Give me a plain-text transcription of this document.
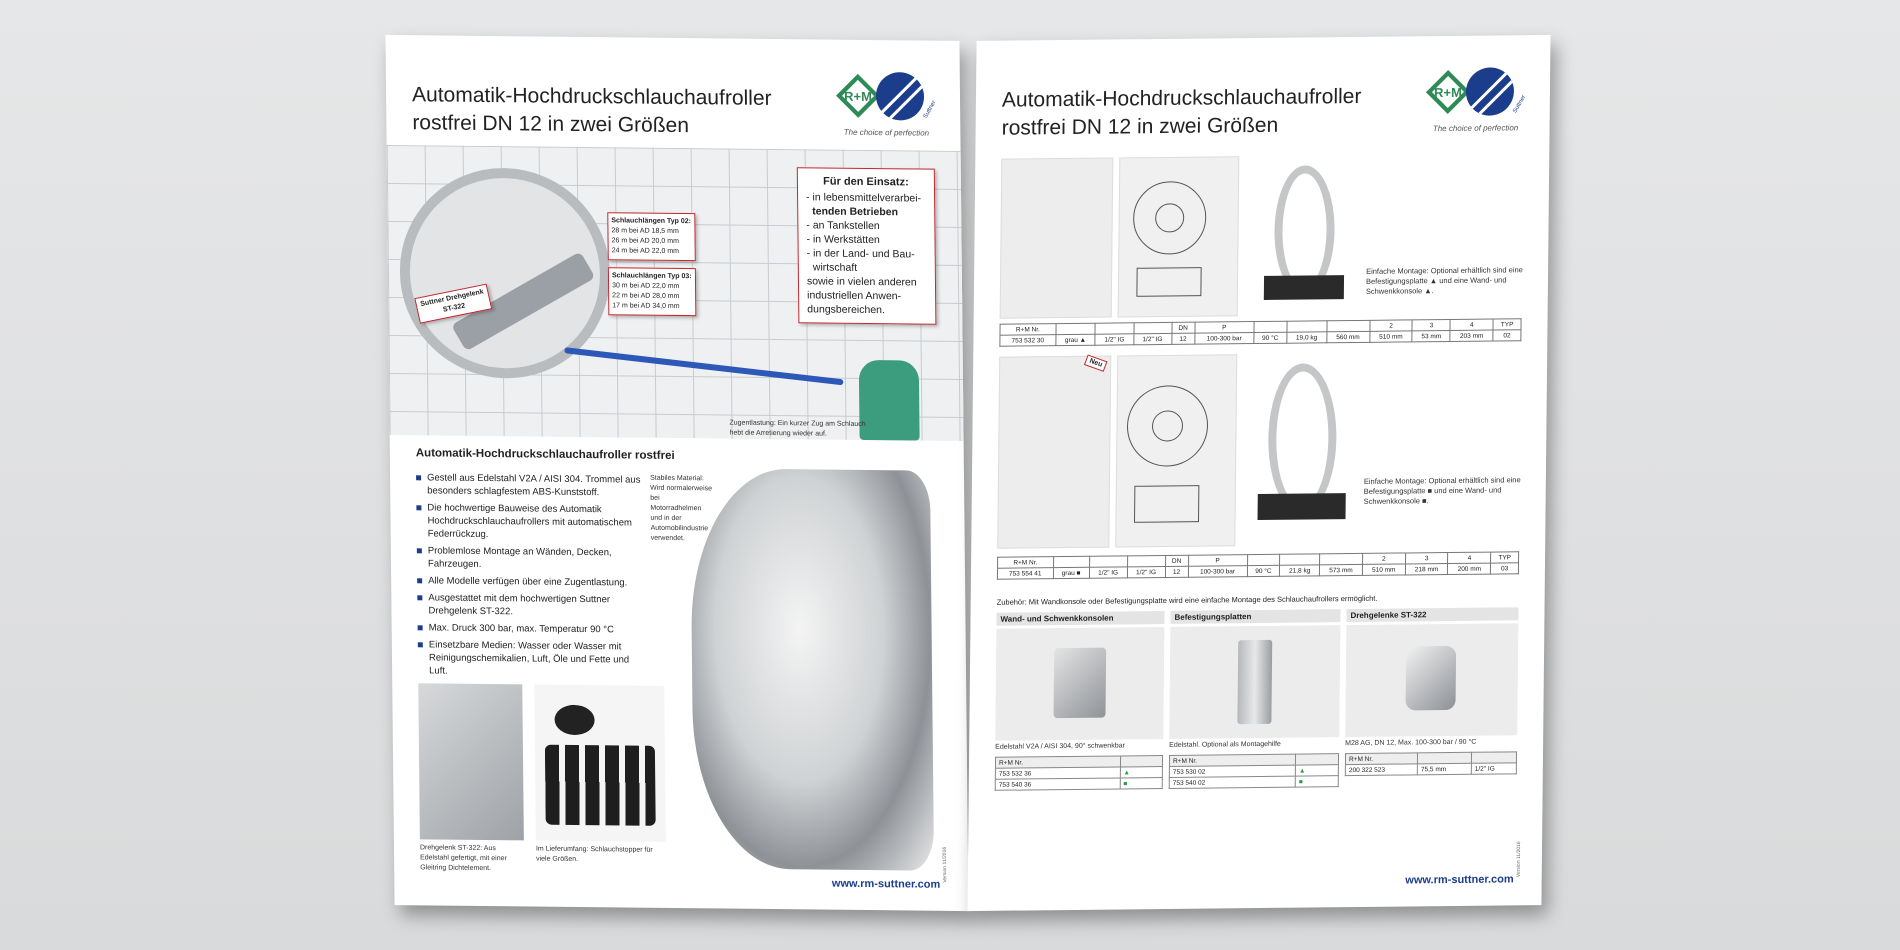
Automatik-Hochdruckschlauchaufroller
rostfrei DN 12 in zwei Größen
R+M
Suttner
The choice of perfection
Schlauchlängen Typ 02:
28 m bei AD 18,5 mm
26 m bei AD 20,0 mm
24 m bei AD 22,0 mm
Schlauchlängen Typ 03:
30 m bei AD 22,0 mm
22 m bei AD 28,0 mm
17 m bei AD 34,0 mm
Für den Einsatz:
- in lebensmittelverarbei-
tenden Betrieben
- an Tankstellen
- in Werkstätten
- in der Land- und Bau-
wirtschaft
sowie in vielen anderen
industriellen Anwen-
dungsbereichen.
Suttner Drehgelenk ST-322
Zugentlastung: Ein kurzer Zug am Schlauch hebt die Arretierung wieder auf.
Automatik-Hochdruckschlauchaufroller rostfrei
Gestell aus Edelstahl V2A / AISI 304. Trommel aus besonders schlagfestem ABS-Kunststoff.
Die hochwertige Bauweise des Automatik Hochdruckschlauchaufrollers mit automatischem Federrückzug.
Problemlose Montage an Wänden, Decken, Fahrzeugen.
Alle Modelle verfügen über eine Zugentlastung.
Ausgestattet mit dem hochwertigen Suttner Drehgelenk ST-322.
Max. Druck 300 bar, max. Temperatur 90 °C
Einsetzbare Medien: Wasser oder Wasser mit Reinigungschemikalien, Luft, Öle und Fette und Luft.
Stabiles Material: Wird normalerweise bei Motorradhelmen und in der Automobilindustrie verwendet.
Drehgelenk ST-322: Aus Edelstahl gefertigt, mit einer Gleitring Dichtelement.
Im Lieferumfang: Schlauchstopper für viele Größen.
www.rm-suttner.com
Version 11/2016
Automatik-Hochdruckschlauchaufroller
rostfrei DN 12 in zwei Größen
R+M
Suttner
The choice of perfection
Einfache Montage: Optional erhältlich sind eine Befestigungsplatte ▲ und eine Wand- und Schwenkkonsole ▲.
R+M Nr.				DN	P				2	3	4	TYP
753 532 30	grau ▲	1/2" IG	1/2" IG	12	100-300 bar	90 °C	19,0 kg	560 mm	510 mm	53 mm	203 mm	02
Neu
Einfache Montage: Optional erhältlich sind eine Befestigungsplatte ■ und eine Wand- und Schwenkkonsole ■.
R+M Nr.				DN	P				2	3	4	TYP
753 554 41	grau ■	1/2" IG	1/2" IG	12	100-300 bar	90 °C	21,8 kg	573 mm	510 mm	218 mm	200 mm	03
Zubehör: Mit Wandkonsole oder Befestigungsplatte wird eine einfache Montage des Schlauchaufrollers ermöglicht.
Wand- und Schwenkkonsolen
Edelstahl V2A / AISI 304, 90° schwenkbar
R+M Nr.	
753 532 36	▲
753 540 36	■
Befestigungsplatten
Edelstahl. Optional als Montagehilfe
R+M Nr.	
753 530 02	▲
753 540 02	■
Drehgelenke ST-322
M28 AG, DN 12, Max. 100-300 bar / 90 °C
R+M Nr.		
200 322 523	75,5 mm	1/2" IG
www.rm-suttner.com
Version 11/2016
